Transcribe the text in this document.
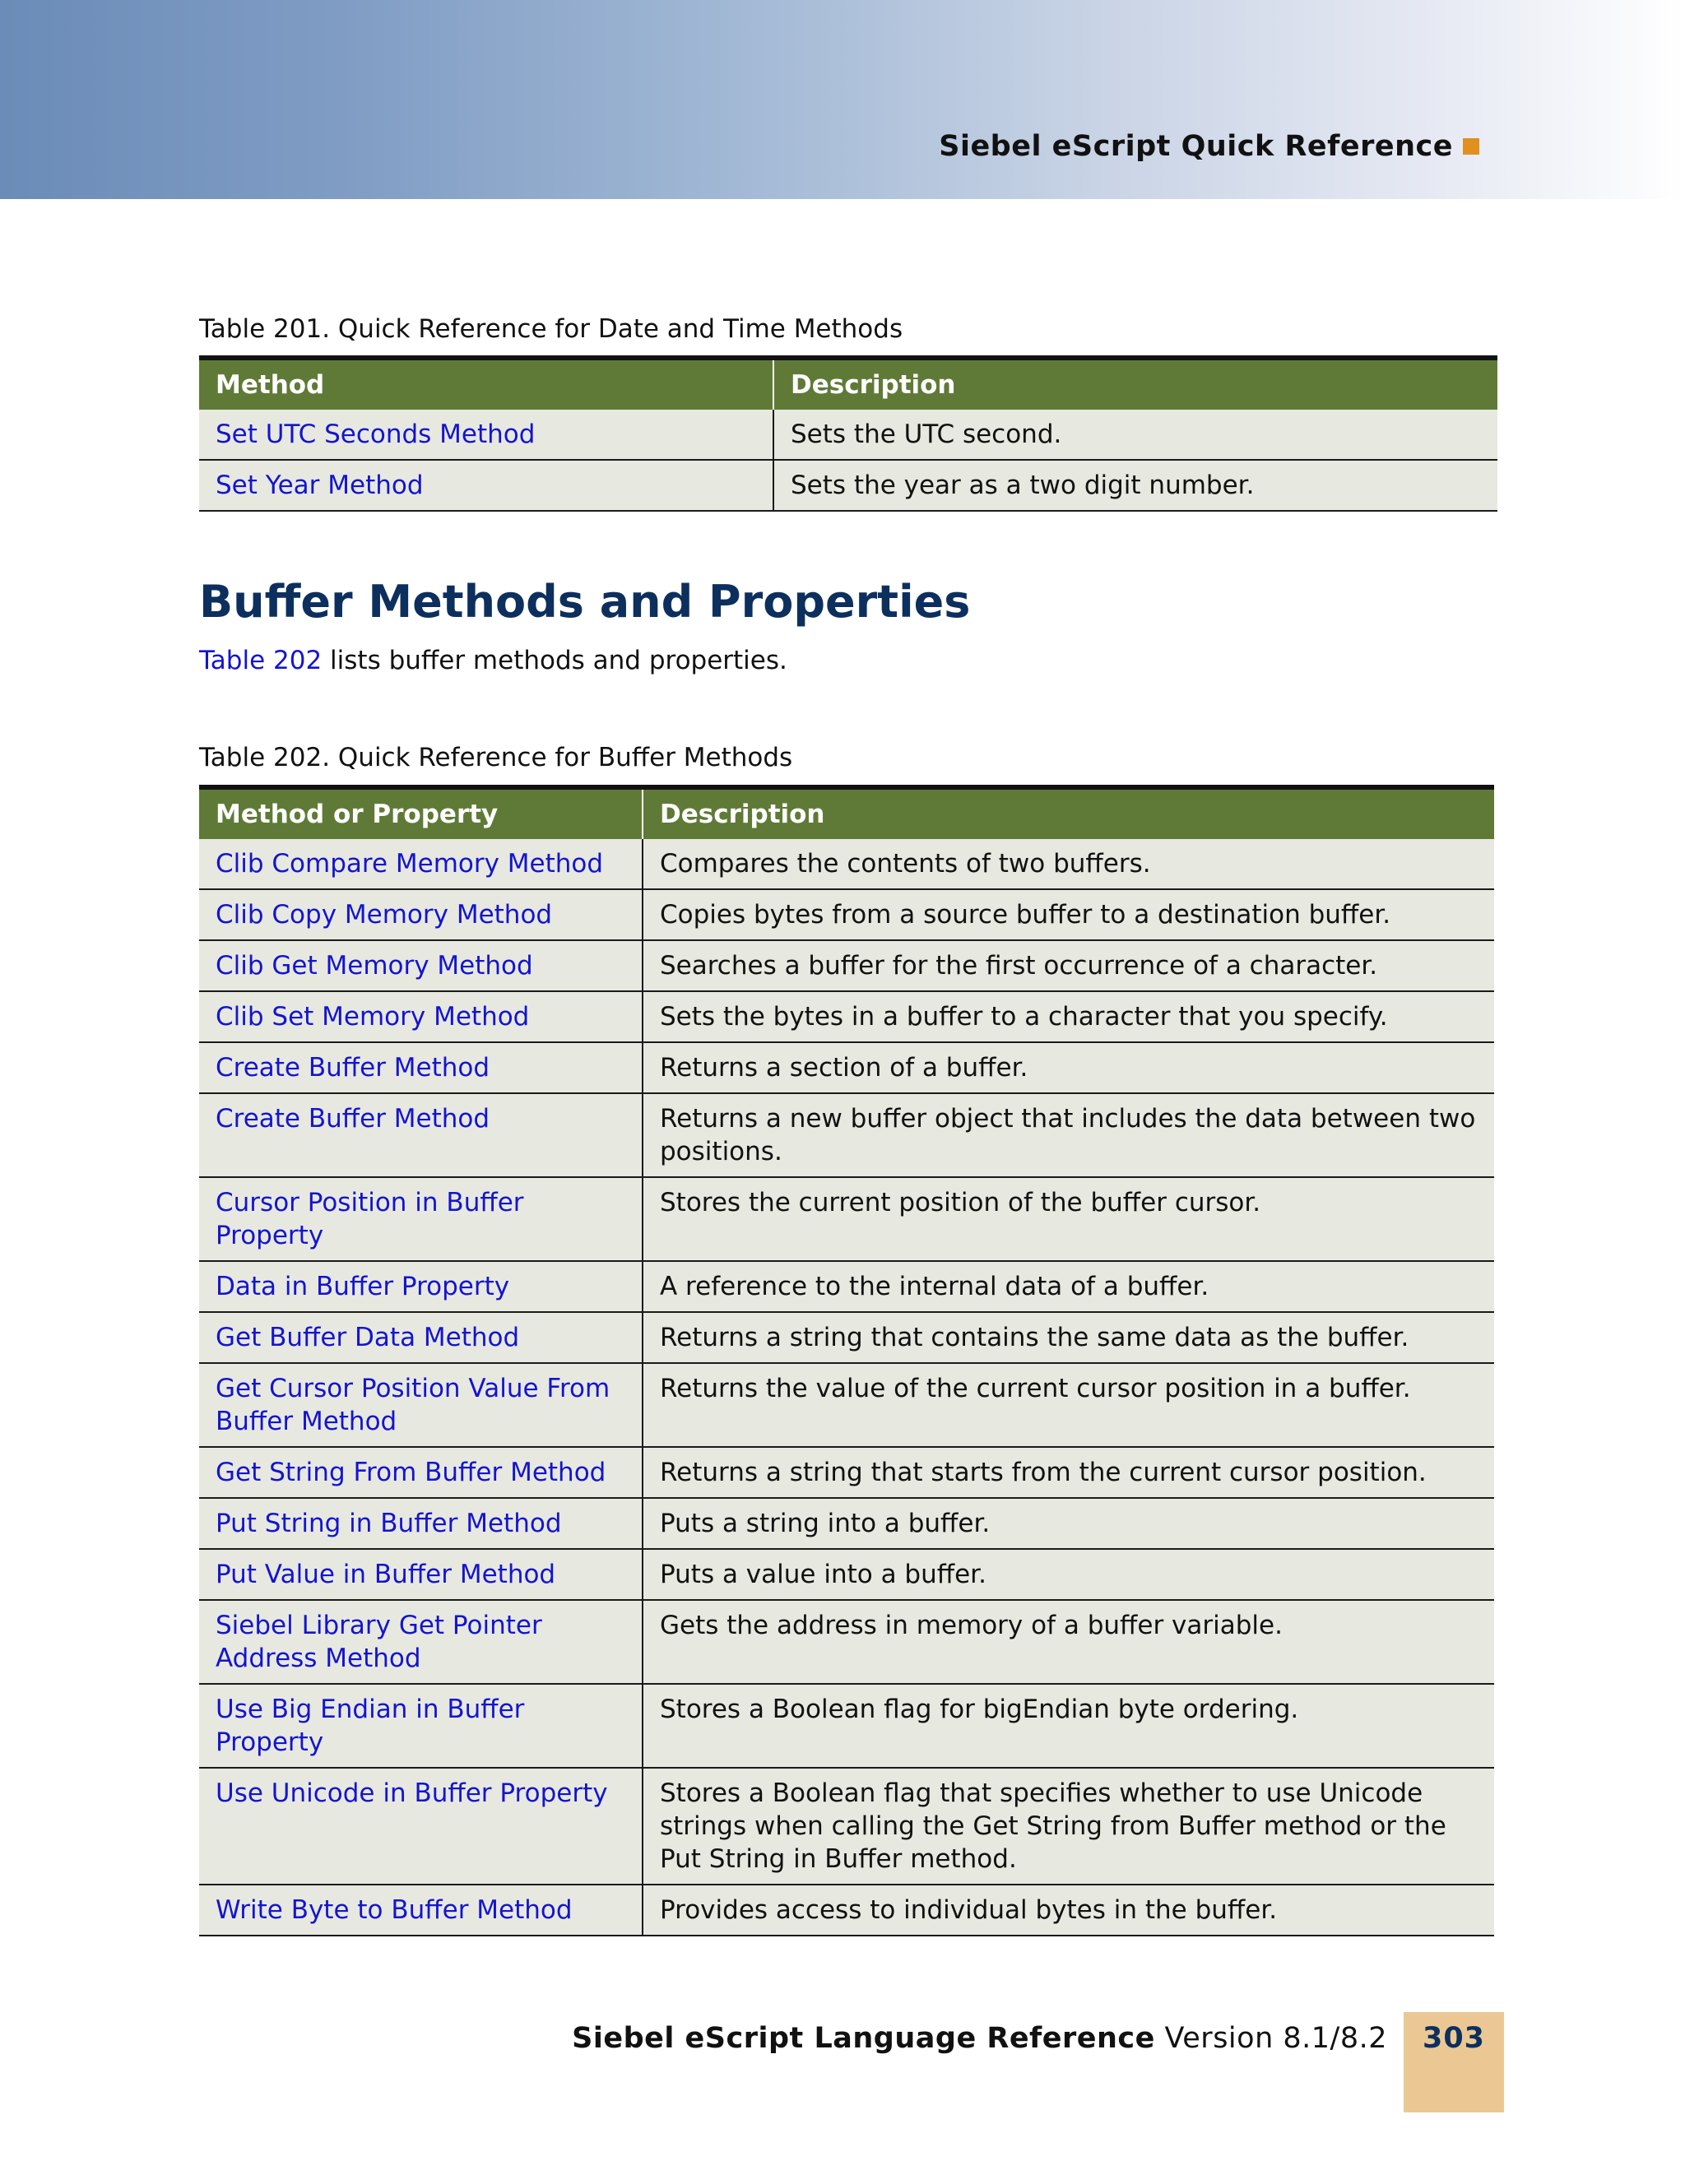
Siebel eScript Quick Reference
Table 201. Quick Reference for Date and Time Methods
Method	Description
Set UTC Seconds Method	Sets the UTC second.
Set Year Method	Sets the year as a two digit number.
Buffer Methods and Properties
Table 202 lists buffer methods and properties.
Table 202. Quick Reference for Buffer Methods
Method or Property	Description
Clib Compare Memory Method	Compares the contents of two buffers.
Clib Copy Memory Method	Copies bytes from a source buffer to a destination buffer.
Clib Get Memory Method	Searches a buffer for the first occurrence of a character.
Clib Set Memory Method	Sets the bytes in a buffer to a character that you specify.
Create Buffer Method	Returns a section of a buffer.
Create Buffer Method	Returns a new buffer object that includes the data between two positions.
Cursor Position in Buffer Property	Stores the current position of the buffer cursor.
Data in Buffer Property	A reference to the internal data of a buffer.
Get Buffer Data Method	Returns a string that contains the same data as the buffer.
Get Cursor Position Value From Buffer Method	Returns the value of the current cursor position in a buffer.
Get String From Buffer Method	Returns a string that starts from the current cursor position.
Put String in Buffer Method	Puts a string into a buffer.
Put Value in Buffer Method	Puts a value into a buffer.
Siebel Library Get Pointer Address Method	Gets the address in memory of a buffer variable.
Use Big Endian in Buffer Property	Stores a Boolean flag for bigEndian byte ordering.
Use Unicode in Buffer Property	Stores a Boolean flag that specifies whether to use Unicode strings when calling the Get String from Buffer method or the Put String in Buffer method.
Write Byte to Buffer Method	Provides access to individual bytes in the buffer.
Siebel eScript Language Reference Version 8.1/8.2	303
